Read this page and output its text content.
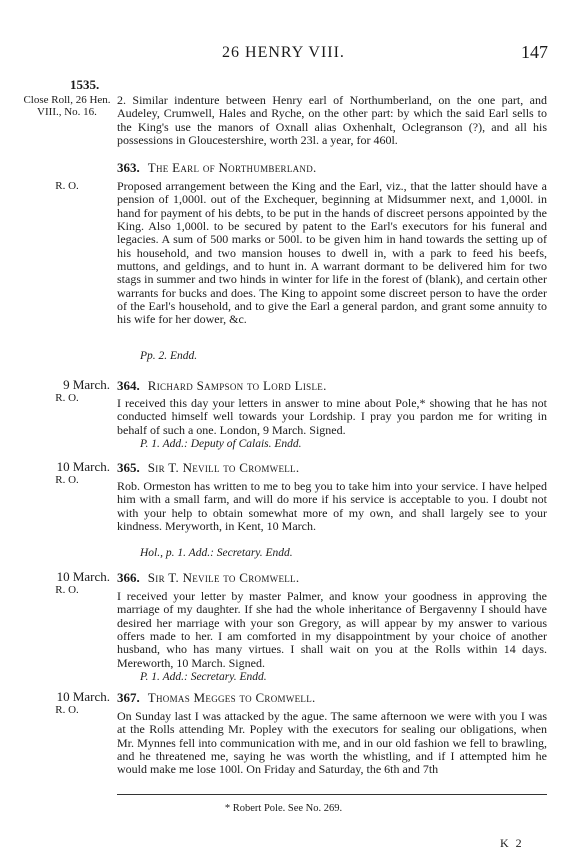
26 HENRY VIII.	147
1535.
Close Roll, 26 Hen. VIII., No. 16.
2. Similar indenture between Henry earl of Northumberland, on the one part, and Audeley, Crumwell, Hales and Ryche, on the other part: by which the said Earl sells to the King's use the manors of Oxnall alias Oxhenhalt, Oclegranson (?), and all his possessions in Gloucestershire, worth 23l. a year, for 460l.
363. The Earl of Northumberland.
R. O.	Proposed arrangement between the King and the Earl, viz., that the latter should have a pension of 1,000l. out of the Exchequer, beginning at Midsummer next, and 1,000l. in hand for payment of his debts, to be put in the hands of discreet persons appointed by the King. Also 1,000l. to be secured by patent to the Earl's executors for his funeral and legacies. A sum of 500 marks or 500l. to be given him in hand towards the setting up of his household, and two mansion houses to dwell in, with a park to feed his beefs, muttons, and geldings, and to hunt in. A warrant dormant to be delivered him for two stags in summer and two hinds in winter for life in the forest of (blank), and certain other warrants for bucks and does. The King to appoint some discreet person to have the order of the Earl's household, and to give the Earl a general pardon, and grant some annuity to his wife for her dower, &c.
Pp. 2. Endd.
9 March.
R. O.
364. Richard Sampson to Lord Lisle.
I received this day your letters in answer to mine about Pole,* showing that he has not conducted himself well towards your Lordship. I pray you pardon me for writing in behalf of such a one. London, 9 March. Signed.
P. 1. Add.: Deputy of Calais. Endd.
10 March.
R. O.
365. Sir T. Nevill to Cromwell.
Rob. Ormeston has written to me to beg you to take him into your service. I have helped him with a small farm, and will do more if his service is acceptable to you. I doubt not with your help to obtain somewhat more of my own, and shall largely see to your kindness. Meryworth, in Kent, 10 March.
Hol., p. 1. Add.: Secretary. Endd.
10 March.
R. O.
366. Sir T. Nevile to Cromwell.
I received your letter by master Palmer, and know your goodness in approving the marriage of my daughter. If she had the whole inheritance of Bergavenny I should have desired her marriage with your son Gregory, as will appear by my answer to various offers made to her. I am comforted in my disappointment by your choice of another husband, who has many virtues. I shall wait on you at the Rolls within 14 days. Mereworth, 10 March. Signed.
P. 1. Add.: Secretary. Endd.
10 March.
R. O.
367. Thomas Megges to Cromwell.
On Sunday last I was attacked by the ague. The same afternoon we were with you I was at the Rolls attending Mr. Popley with the executors for sealing our obligations, when Mr. Mynnes fell into communication with me, and in our old fashion we fell to brawling, and he threatened me, saying he was worth the whistling, and if I attempted him he would make me lose 100l. On Friday and Saturday, the 6th and 7th
* Robert Pole. See No. 269.
K 2
